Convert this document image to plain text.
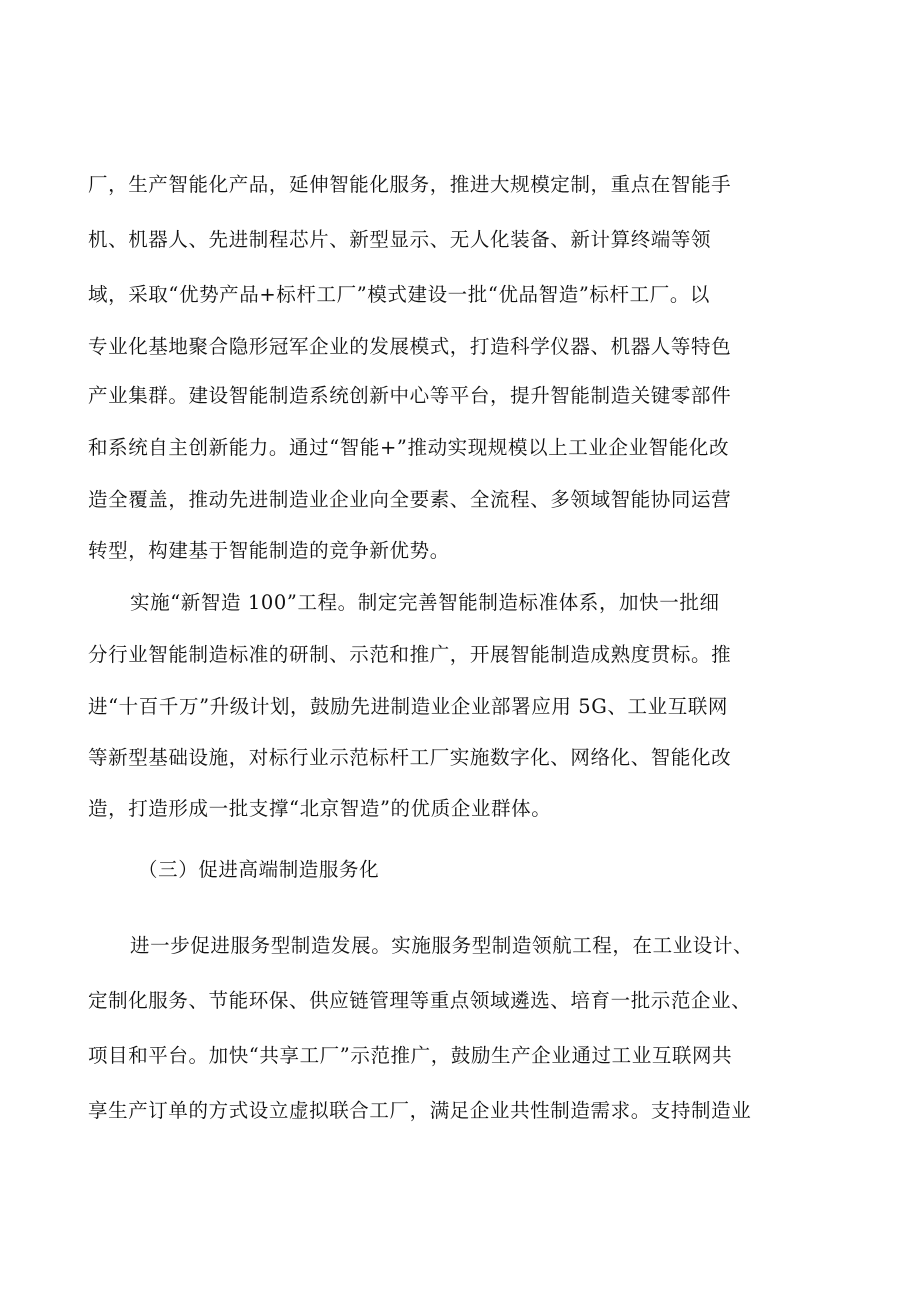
厂，生产智能化产品，延伸智能化服务，推进大规模定制，重点在智能手
机、机器人、先进制程芯片、新型显示、无人化装备、新计算终端等领
域，采取“优势产品+标杆工厂”模式建设一批“优品智造”标杆工厂。以
专业化基地聚合隐形冠军企业的发展模式，打造科学仪器、机器人等特色
产业集群。建设智能制造系统创新中心等平台，提升智能制造关键零部件
和系统自主创新能力。通过“智能+”推动实现规模以上工业企业智能化改
造全覆盖，推动先进制造业企业向全要素、全流程、多领域智能协同运营
转型，构建基于智能制造的竞争新优势。
实施“新智造 100”工程。制定完善智能制造标准体系，加快一批细
分行业智能制造标准的研制、示范和推广，开展智能制造成熟度贯标。推
进“十百千万”升级计划，鼓励先进制造业企业部署应用 5G、工业互联网
等新型基础设施，对标行业示范标杆工厂实施数字化、网络化、智能化改
造，打造形成一批支撑“北京智造”的优质企业群体。
（三）促进高端制造服务化
进一步促进服务型制造发展。实施服务型制造领航工程，在工业设计、
定制化服务、节能环保、供应链管理等重点领域遴选、培育一批示范企业、
项目和平台。加快“共享工厂”示范推广，鼓励生产企业通过工业互联网共
享生产订单的方式设立虚拟联合工厂，满足企业共性制造需求。支持制造业
